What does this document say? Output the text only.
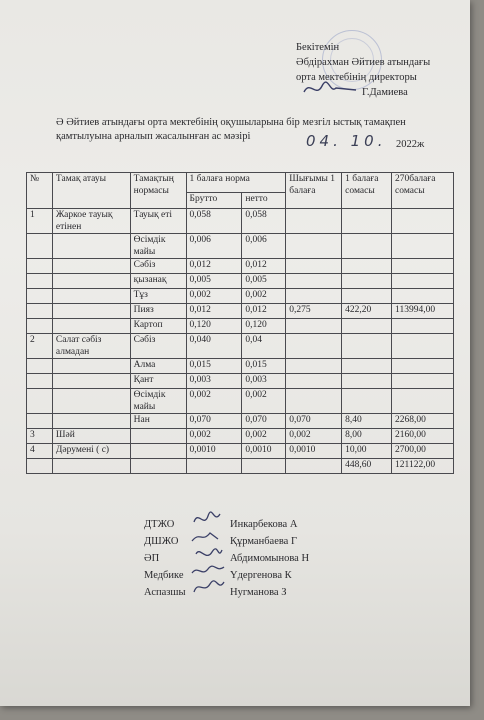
Бекітемін
Әбдірахман Әйтиев атындағы
орта мектебінің директоры
Г.Дамиева
Ә Әйтиев атындағы орта мектебінің оқушыларына бір мезгіл ыстық тамақпен қамтылуына арналып жасалынған ас мәзірі	04. 10. 2022ж
№	Тамақ атауы	Тамақтың нормасы	1 балаға норма		Шығымы 1 балаға	1 балаға сомасы	270балаға сомасы
			Брутто	нетто			
1	Жаркое тауық етінен	Тауық еті	0,058	0,058			
		Өсімдік майы	0,006	0,006			
		Сәбіз	0,012	0,012			
		қызанақ	0,005	0,005			
		Тұз	0,002	0,002			
		Пияз	0,012	0,012	0,275	422,20	113994,00
		Картоп	0,120	0,120			
2	Салат сәбіз алмадан	Сәбіз	0,040	0,04			
		Алма	0,015	0,015			
		Қант	0,003	0,003			
		Өсімдік майы	0,002	0,002			
		Нан	0,070	0,070	0,070	8,40	2268,00
3	Шәй		0,002	0,002	0,002	8,00	2160,00
4	Дәрумені ( с)		0,0010	0,0010	0,0010	10,00	2700,00
						448,60	121122,00
ДТЖО	Инкарбекова А
ДШЖО	Құрманбаева Г
ӘП	Абдимомынова Н
Медбике	Үдергенова К
Аспазшы	Нугманова З
